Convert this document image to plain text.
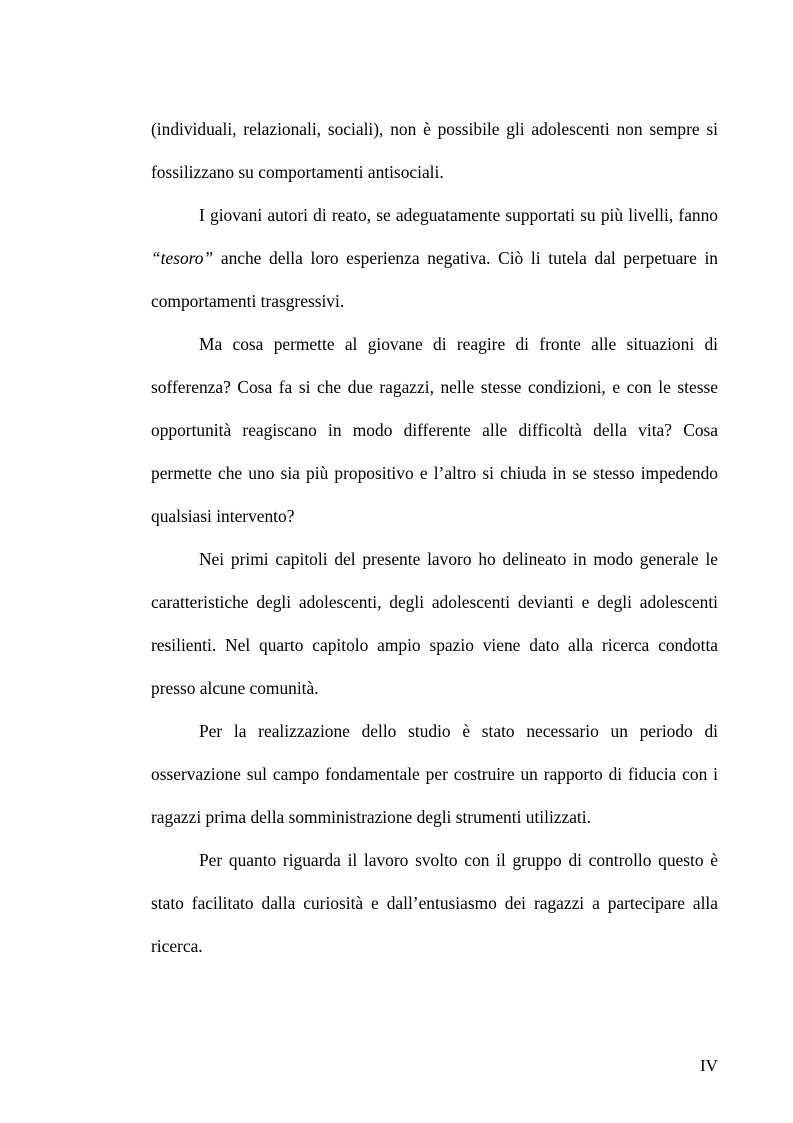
(individuali, relazionali, sociali), non è possibile gli adolescenti non sempre si fossilizzano su comportamenti antisociali.

I giovani autori di reato, se adeguatamente supportati su più livelli, fanno “tesoro” anche della loro esperienza negativa. Ciò li tutela dal perpetuare in comportamenti trasgressivi.

Ma cosa permette al giovane di reagire di fronte alle situazioni di sofferenza? Cosa fa si che due ragazzi, nelle stesse condizioni, e con le stesse opportunità reagiscano in modo differente alle difficoltà della vita? Cosa permette che uno sia più propositivo e l’altro si chiuda in se stesso impedendo qualsiasi intervento?

Nei primi capitoli del presente lavoro ho delineato in modo generale le caratteristiche degli adolescenti, degli adolescenti devianti e degli adolescenti resilienti. Nel quarto capitolo ampio spazio viene dato alla ricerca condotta presso alcune comunità.

Per la realizzazione dello studio è stato necessario un periodo di osservazione sul campo fondamentale per costruire un rapporto di fiducia con i ragazzi prima della somministrazione degli strumenti utilizzati.

Per quanto riguarda il lavoro svolto con il gruppo di controllo questo è stato facilitato dalla curiosità e dall’entusiasmo dei ragazzi a partecipare alla ricerca.

IV
